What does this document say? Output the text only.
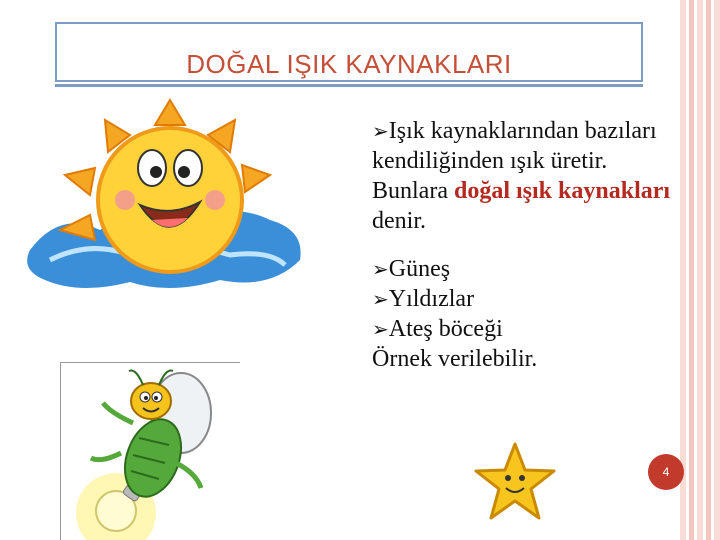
DOĞAL IŞIK KAYNAKLARI

➢Işık kaynaklarından bazıları kendiliğinden ışık üretir. Bunlara doğal ışık kaynakları denir.

➢Güneş

➢Yıldızlar

➢Ateş böceği

Örnek verilebilir.

4
